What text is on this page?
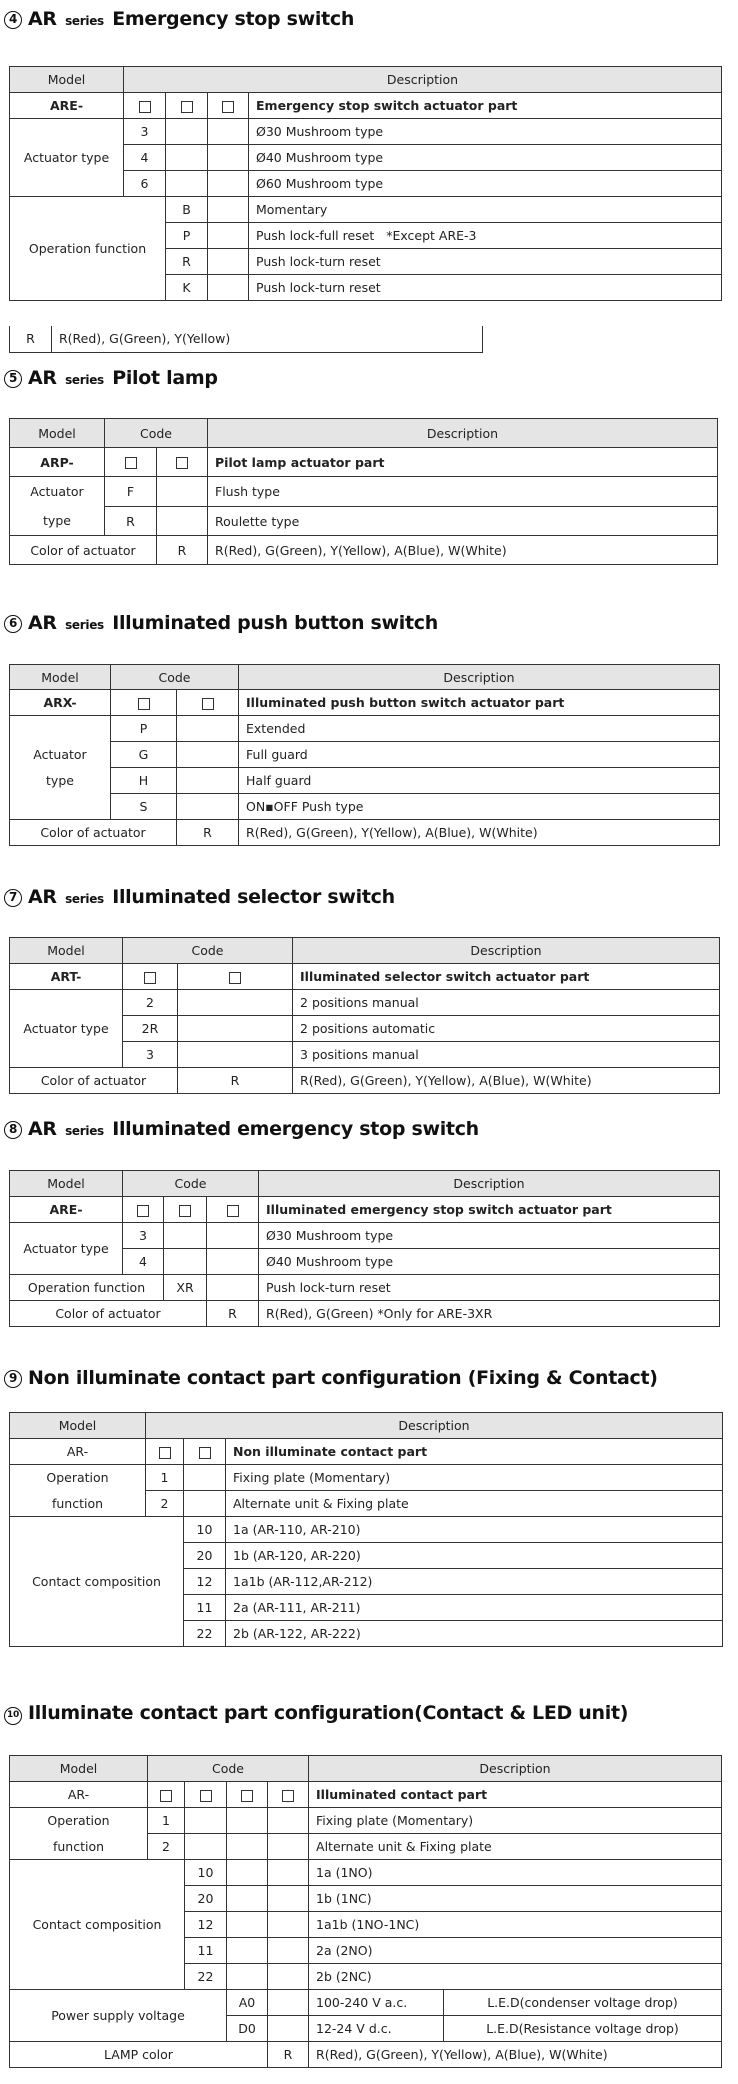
4 AR series Emergency stop switch
Model	Description			
ARE-				Emergency stop switch actuator part
Actuator type	3			Ø30 Mushroom type
	4			Ø40 Mushroom type
	6			Ø60 Mushroom type
Operation function		B		Momentary
		P		Push lock-full reset   *Except ARE-3
		R		Push lock-turn reset
		K		Push lock-turn reset
R	R(Red), G(Green), Y(Yellow)
5 AR series Pilot lamp
Model	Code		Description
ARP-			Pilot lamp actuator part
Actuator	F		Flush type
type	R		Roulette type
Color of actuator		R	R(Red), G(Green), Y(Yellow), A(Blue), W(White)
6 AR series Illuminated push button switch
Model	Code		Description
ARX-			Illuminated push button switch actuator part

Actuator
type	P		Extended
	G		Full guard
	H		Half guard
	S		ON▪OFF Push type
Color of actuator		R	R(Red), G(Green), Y(Yellow), A(Blue), W(White)
7 AR series Illuminated selector switch
Model	Code		Description
ART-			Illuminated selector switch actuator part
Actuator type	2		2 positions manual
	2R		2 positions automatic
	3		3 positions manual
Color of actuator		R	R(Red), G(Green), Y(Yellow), A(Blue), W(White)
8 AR series Illuminated emergency stop switch
Model	Code			Description
ARE-				Illuminated emergency stop switch actuator part
Actuator type	3			Ø30 Mushroom type
	4			Ø40 Mushroom type
Operation function		XR		Push lock-turn reset
Color of actuator			R	R(Red), G(Green) *Only for ARE-3XR
9 Non illuminate contact part configuration (Fixing & Contact)
Model	Description		
AR-			Non illuminate contact part
Operation	1		Fixing plate (Momentary)
function	2		Alternate unit & Fixing plate
Contact composition		10	1a (AR-110, AR-210)
		20	1b (AR-120, AR-220)
		12	1a1b (AR-112,AR-212)
		11	2a (AR-111, AR-211)
		22	2b (AR-122, AR-222)
10 Illuminate contact part configuration(Contact & LED unit)
Model	Code				Description	
AR-					Illuminated contact part	
Operation	1				Fixing plate (Momentary)	
function	2				Alternate unit & Fixing plate	
Contact composition		10			1a (1NO)	
		20			1b (1NC)	
		12			1a1b (1NO-1NC)	
		11			2a (2NO)	
		22			2b (2NC)	
Power supply voltage			A0		100-240 V a.c.	L.E.D(condenser voltage drop)
			D0		12-24 V d.c.	L.E.D(Resistance voltage drop)
LAMP color				R	R(Red), G(Green), Y(Yellow), A(Blue), W(White)	
